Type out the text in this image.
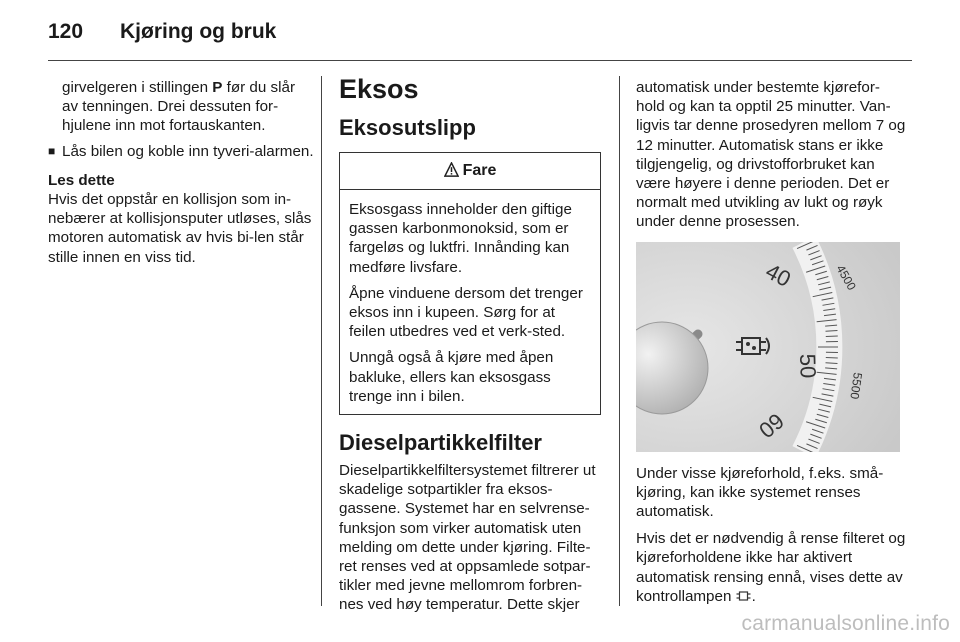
120 Kjøring og bruk

girvelgeren i stillingen P før du slår av tenningen. Drei dessuten for-hjulene inn mot fortauskanten.

■ Lås bilen og koble inn tyveri-alarmen.

Les dette

Hvis det oppstår en kollisjon som in-nebærer at kollisjonsputer utløses, slås motoren automatisk av hvis bi-len står stille innen en viss tid.

Eksos
Eksosutslipp
Fare

Eksosgass inneholder den giftige gassen karbonmonoksid, som er fargeløs og luktfri. Innånding kan medføre livsfare.

Åpne vinduene dersom det trenger eksos inn i kupeen. Sørg for at feilen utbedres ved et verk-sted.

Unngå også å kjøre med åpen bakluke, ellers kan eksosgass trenge inn i bilen.

Dieselpartikkelfilter

Dieselpartikkelfiltersystemet filtrerer ut skadelige sotpartikler fra eksos-gassene. Systemet har en selvrense-funksjon som virker automatisk uten melding om dette under kjøring. Filte-ret renses ved at oppsamlede sotpar-tikler med jevne mellomrom forbren-nes ved høy temperatur. Dette skjer

automatisk under bestemte kjørefor-hold og kan ta opptil 25 minutter. Van-ligvis tar denne prosedyren mellom 7 og 12 minutter. Automatisk stans er ikke tilgjengelig, og drivstofforbruket kan være høyere i denne perioden. Det er normalt med utvikling av lukt og røyk under denne prosessen.

40
50
60
4500
5500

Under visse kjøreforhold, f.eks. små-kjøring, kan ikke systemet renses automatisk.

Hvis det er nødvendig å rense filteret og kjøreforholdene ikke har aktivert automatisk rensing ennå, vises dette av kontrollampen .

carmanualsonline.info
